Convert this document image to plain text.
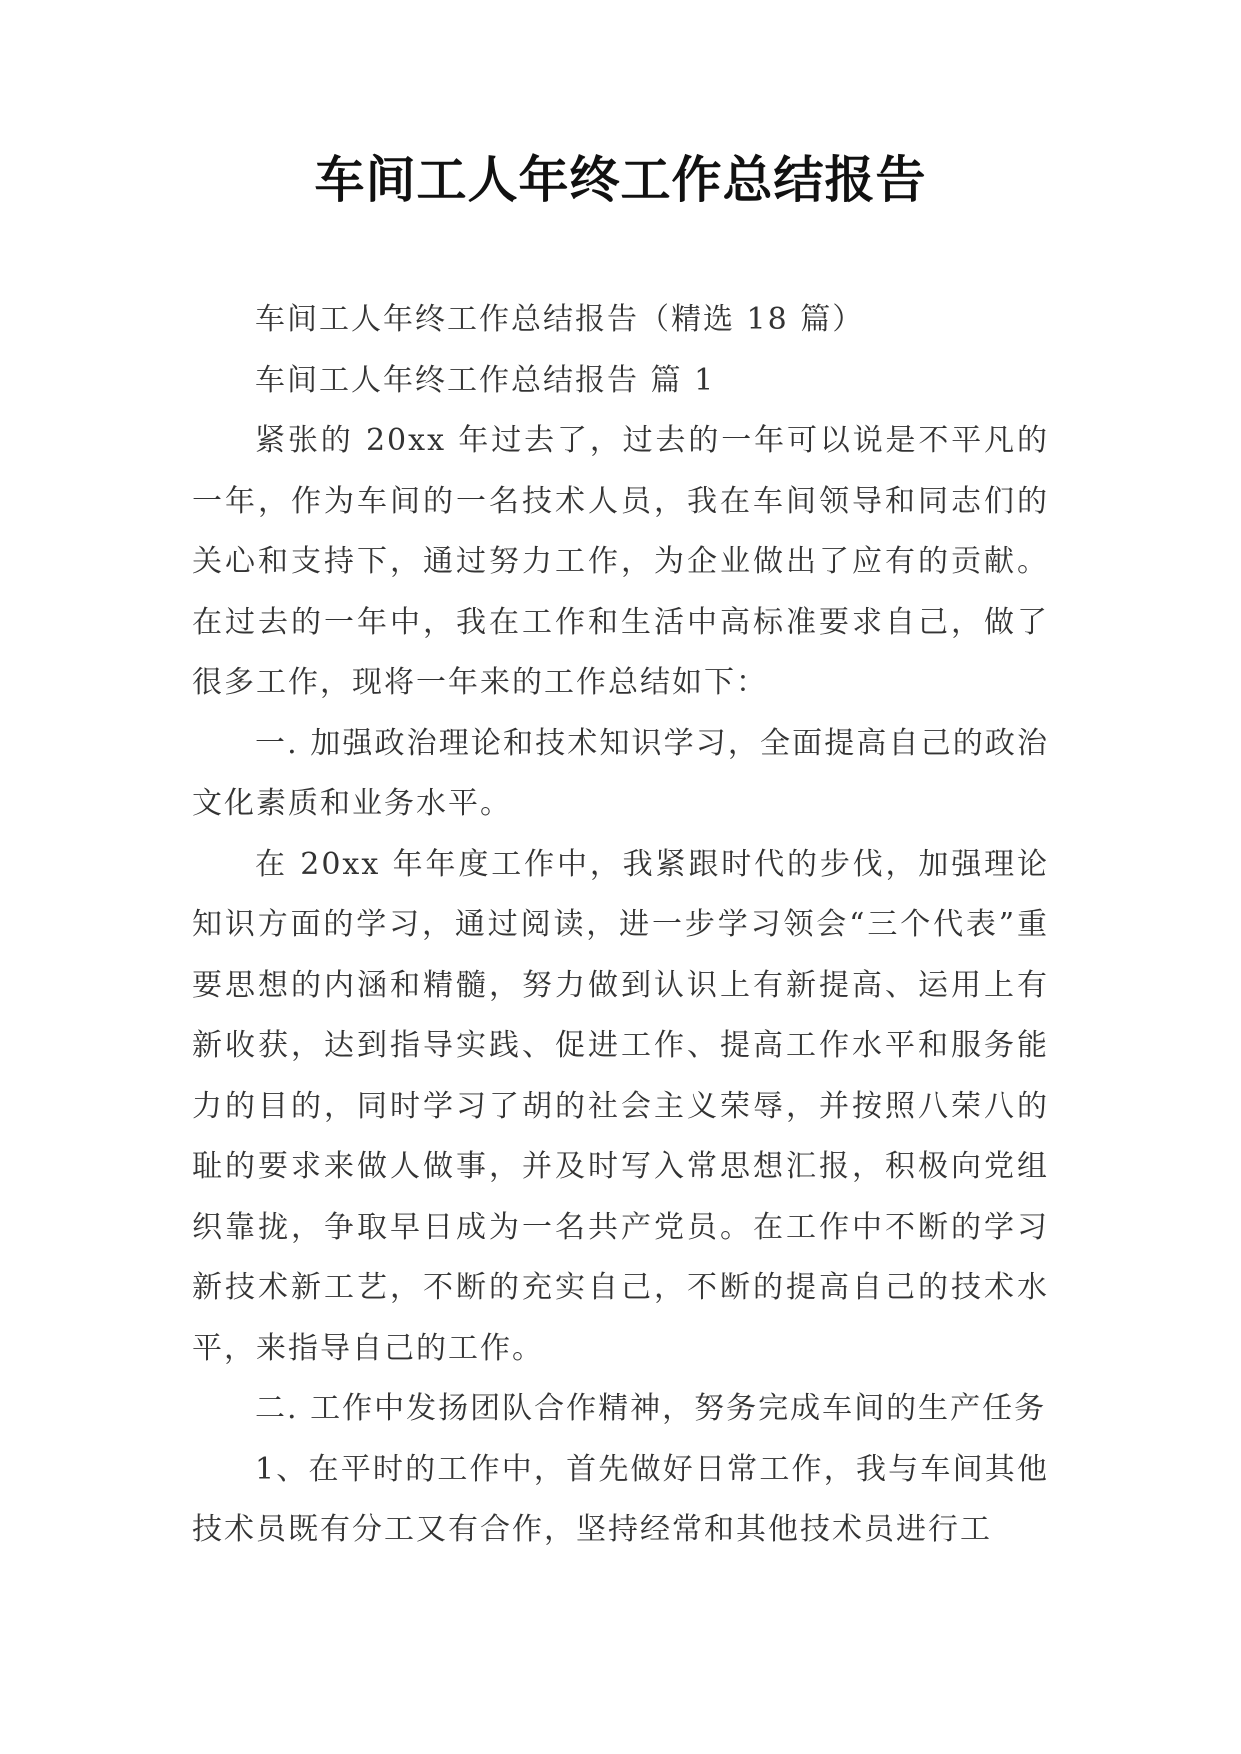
车间工人年终工作总结报告

车间工人年终工作总结报告（精选 18 篇）

车间工人年终工作总结报告 篇 1

紧张的 20xx 年过去了，过去的一年可以说是不平凡的一年，作为车间的一名技术人员，我在车间领导和同志们的关心和支持下，通过努力工作，为企业做出了应有的贡献。在过去的一年中，我在工作和生活中高标准要求自己，做了很多工作，现将一年来的工作总结如下：

一. 加强政治理论和技术知识学习，全面提高自己的政治文化素质和业务水平。

在 20xx 年年度工作中，我紧跟时代的步伐，加强理论知识方面的学习，通过阅读，进一步学习领会“三个代表”重要思想的内涵和精髓，努力做到认识上有新提高、运用上有新收获，达到指导实践、促进工作、提高工作水平和服务能力的目的，同时学习了胡的社会主义荣辱，并按照八荣八的耻的要求来做人做事，并及时写入常思想汇报，积极向党组织靠拢，争取早日成为一名共产党员。在工作中不断的学习新技术新工艺，不断的充实自己，不断的提高自己的技术水平，来指导自己的工作。

二. 工作中发扬团队合作精神，努务完成车间的生产任务

1、在平时的工作中，首先做好日常工作，我与车间其他技术员既有分工又有合作，坚持经常和其他技术员进行工
